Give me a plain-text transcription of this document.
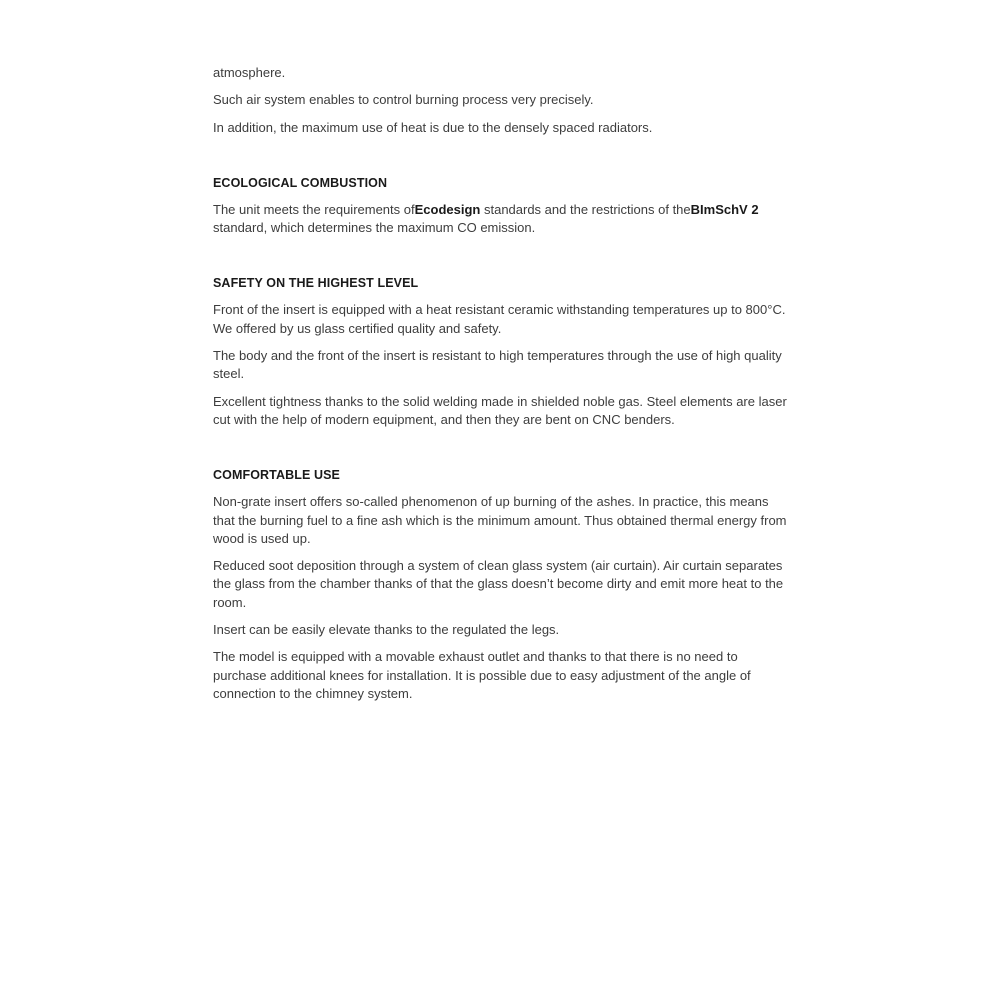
atmosphere.

Such air system enables to control burning process very precisely.

In addition, the maximum use of heat is due to the densely spaced radiators.

ECOLOGICAL COMBUSTION

The unit meets the requirements ofEcodesign standards and the restrictions of theBImSchV 2 standard, which determines the maximum CO emission.

SAFETY ON THE HIGHEST LEVEL

Front of the insert is equipped with a heat resistant ceramic withstanding temperatures up to 800°C. We offered by us glass certified quality and safety.

The body and the front of the insert is resistant to high temperatures through the use of high quality steel.

Excellent tightness thanks to the solid welding made in shielded noble gas. Steel elements are laser cut with the help of modern equipment, and then they are bent on CNC benders.

COMFORTABLE USE

Non-grate insert offers so-called phenomenon of up burning of the ashes. In practice, this means that the burning fuel to a fine ash which is the minimum amount. Thus obtained thermal energy from wood is used up.

Reduced soot deposition through a system of clean glass system (air curtain). Air curtain separates the glass from the chamber thanks of that the glass doesn’t become dirty and emit more heat to the room.

Insert can be easily elevate thanks to the regulated the legs.

The model is equipped with a movable exhaust outlet and thanks to that there is no need to purchase additional knees for installation. It is possible due to easy adjustment of the angle of connection to the chimney system.
